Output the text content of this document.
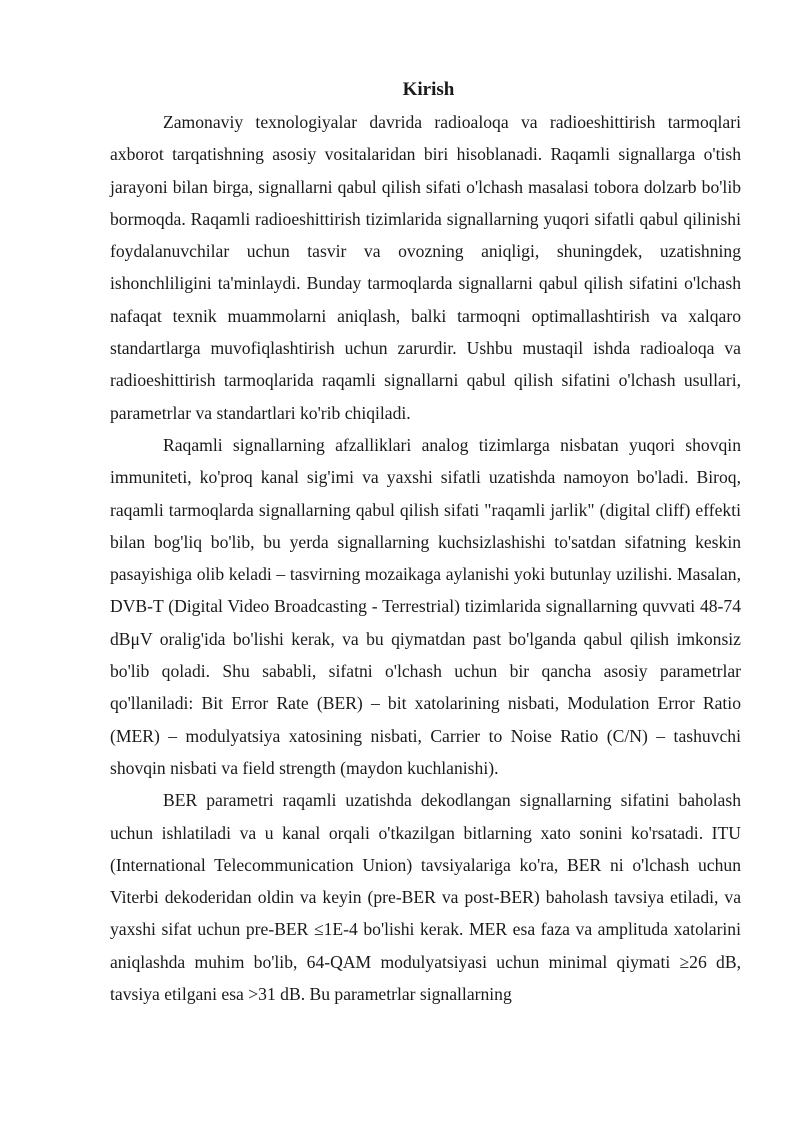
Kirish

Zamonaviy texnologiyalar davrida radioaloqa va radioeshittirish tarmoqlari axborot tarqatishning asosiy vositalaridan biri hisoblanadi. Raqamli signallarga o'tish jarayoni bilan birga, signallarni qabul qilish sifati o'lchash masalasi tobora dolzarb bo'lib bormoqda. Raqamli radioeshittirish tizimlarida signallarning yuqori sifatli qabul qilinishi foydalanuvchilar uchun tasvir va ovozning aniqligi, shuningdek, uzatishning ishonchliligini ta'minlaydi. Bunday tarmoqlarda signallarni qabul qilish sifatini o'lchash nafaqat texnik muammolarni aniqlash, balki tarmoqni optimallashtirish va xalqaro standartlarga muvofiqlashtirish uchun zarurdir. Ushbu mustaqil ishda radioaloqa va radioeshittirish tarmoqlarida raqamli signallarni qabul qilish sifatini o'lchash usullari, parametrlar va standartlari ko'rib chiqiladi.

Raqamli signallarning afzalliklari analog tizimlarga nisbatan yuqori shovqin immuniteti, ko'proq kanal sig'imi va yaxshi sifatli uzatishda namoyon bo'ladi. Biroq, raqamli tarmoqlarda signallarning qabul qilish sifati "raqamli jarlik" (digital cliff) effekti bilan bog'liq bo'lib, bu yerda signallarning kuchsizlashishi to'satdan sifatning keskin pasayishiga olib keladi – tasvirning mozaikaga aylanishi yoki butunlay uzilishi. Masalan, DVB-T (Digital Video Broadcasting - Terrestrial) tizimlarida signallarning quvvati 48-74 dBμV oralig'ida bo'lishi kerak, va bu qiymatdan past bo'lganda qabul qilish imkonsiz bo'lib qoladi. Shu sababli, sifatni o'lchash uchun bir qancha asosiy parametrlar qo'llaniladi: Bit Error Rate (BER) – bit xatolarining nisbati, Modulation Error Ratio (MER) – modulyatsiya xatosining nisbati, Carrier to Noise Ratio (C/N) – tashuvchi shovqin nisbati va field strength (maydon kuchlanishi).

BER parametri raqamli uzatishda dekodlangan signallarning sifatini baholash uchun ishlatiladi va u kanal orqali o'tkazilgan bitlarning xato sonini ko'rsatadi. ITU (International Telecommunication Union) tavsiyalariga ko'ra, BER ni o'lchash uchun Viterbi dekoderidan oldin va keyin (pre-BER va post-BER) baholash tavsiya etiladi, va yaxshi sifat uchun pre-BER ≤1E-4 bo'lishi kerak. MER esa faza va amplituda xatolarini aniqlashda muhim bo'lib, 64-QAM modulyatsiyasi uchun minimal qiymati ≥26 dB, tavsiya etilgani esa >31 dB. Bu parametrlar signallarning
